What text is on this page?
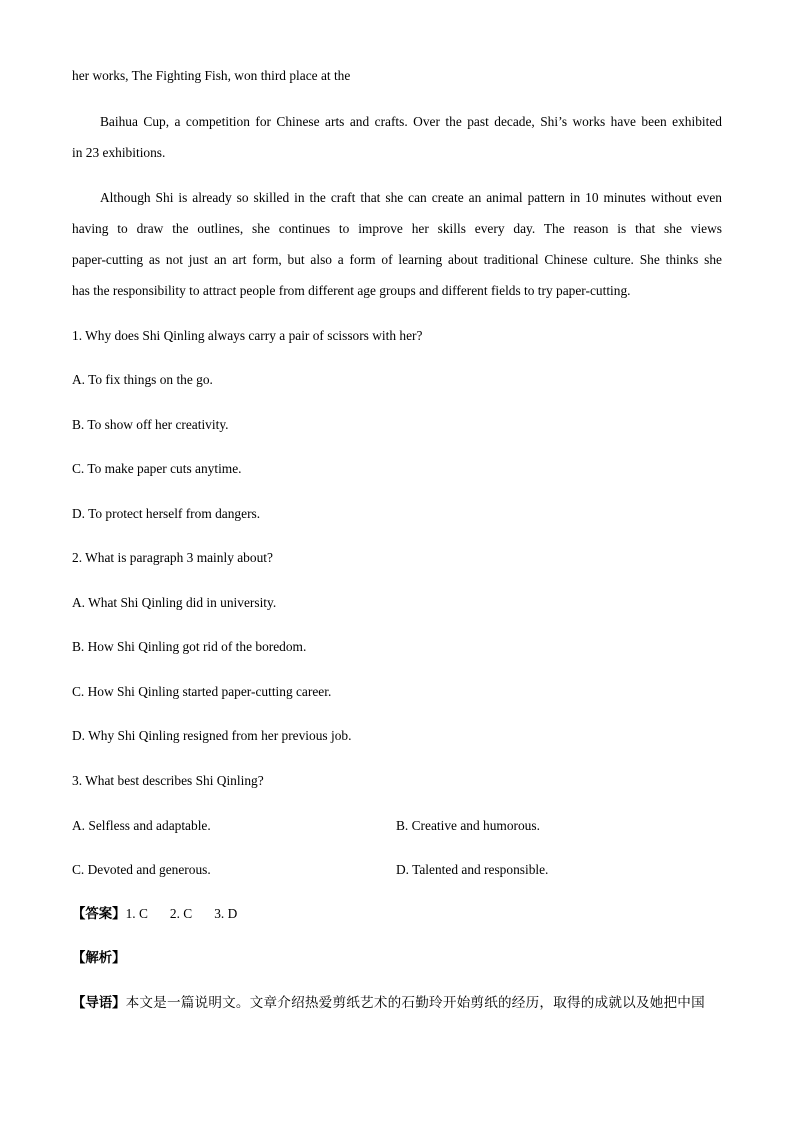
her works, The Fighting Fish, won third place at the
Baihua Cup, a competition for Chinese arts and crafts. Over the past decade, Shi’s works have been exhibited
in 23 exhibitions.
Although Shi is already so skilled in the craft that she can create an animal pattern in 10 minutes without even
having to draw the outlines, she continues to improve her skills every day. The reason is that she views
paper-cutting as not just an art form, but also a form of learning about traditional Chinese culture. She thinks she
has the responsibility to attract people from different age groups and different fields to try paper-cutting.
1. Why does Shi Qinling always carry a pair of scissors with her?
A. To fix things on the go.
B. To show off her creativity.
C. To make paper cuts anytime.
D. To protect herself from dangers.
2. What is paragraph 3 mainly about?
A. What Shi Qinling did in university.
B. How Shi Qinling got rid of the boredom.
C. How Shi Qinling started paper-cutting career.
D. Why Shi Qinling resigned from her previous job.
3. What best describes Shi Qinling?
A. Selfless and adaptable.	B. Creative and humorous.
C. Devoted and generous.	D. Talented and responsible.
【答案】1. C 2. C 3. D
【解析】
【导语】本文是一篇说明文。文章介绍热爱剪纸艺术的石勤玲开始剪纸的经历，取得的成就以及她把中国
